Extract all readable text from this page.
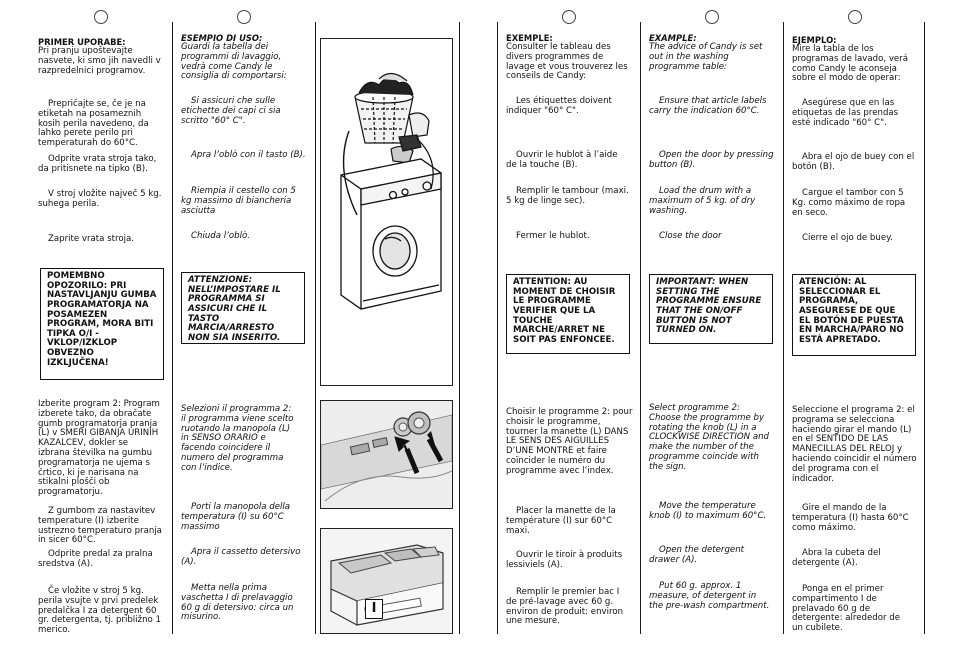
PRIMER UPORABE:
Pri pranju upoštevajte nasvete, ki smo jih navedli v razpredelnici programov.
Prepričajte se, če je na etiketah na posameznih kosih perila navedeno, da lahko perete perilo pri temperaturah do 60°C.
Odprite vrata stroja tako, da pritisnete na tipko (B).
V stroj vložite največ 5 kg. suhega perila.
Zaprite vrata stroja.
POMEMBNO OPOZORILO: PRI NASTAVLJANJU GUMBA PROGRAMATORJA NA POSAMEZEN PROGRAM, MORA BITI TIPKA O/I - VKLOP/IZKLOP OBVEZNO IZKLJUČENA!
Izberite program 2: Program izberete tako, da obračate gumb programatorja pranja (L) v SMERI GIBANJA URINIH KAZALCEV, dokler se izbrana številka na gumbu programatorja ne ujema s črtico, ki je narisana na stikalni plošči ob programatorju.
Z gumbom za nastavitev temperature (I) izberite ustrezno temperaturo pranja in sicer 60°C.
Odprite predal za pralna sredstva (A).
Če vložite v stroj 5 kg. perila vsujte v prvi predelek predalčka I za detergent 60 gr. detergenta, tj. približno 1 merico.
ESEMPIO DI USO:
Guardi la tabella dei programmi di lavaggio, vedrà come Candy le consiglia di comportarsi:
Si assicuri che sulle etichette dei capi ci sia scritto "60° C".
Apra l’oblò con il tasto (B).
Riempia il cestello con 5 kg massimo di biancheria asciutta
Chiuda l’oblò.
ATTENZIONE: NELL’IMPOSTARE IL PROGRAMMA SI ASSICURI CHE IL TASTO MARCIA/ARRESTO NON SIA INSERITO.
Selezioni il programma 2: il programma viene scelto ruotando la manopola (L) in SENSO ORARIO e facendo coincidere il numero del programma con l’indice.
Porti la manopola della temperatura (I) su 60°C massimo
Apra il cassetto detersivo (A).
Metta nella prima vaschetta I di prelavaggio 60 g di detersivo: circa un misurino.
I
EXEMPLE:
Consulter le tableau des divers programmes de lavage et vous trouverez les conseils de Candy:
Les étiquettes doivent indiquer "60° C".
Ouvrir le hublot à l’aide de la touche (B).
Remplir le tambour (maxi. 5 kg de linge sec).
Fermer le hublot.
ATTENTION: AU MOMENT DE CHOISIR LE PROGRAMME VERIFIER QUE LA TOUCHE MARCHE/ARRET NE SOIT PAS ENFONCEE.
Choisir le programme 2: pour choisir le programme, tourner la manette (L) DANS LE SENS DES AIGUILLES D’UNE MONTRE et faire coïncider le numéro du programme avec l’index.
Placer la manette de la température (I) sur 60°C maxi.
Ouvrir le tiroir à produits lessiviels (A).
Remplir le premier bac I de pré-lavage avec 60 g. environ de produit: environ une mesure.
EXAMPLE:
The advice of Candy is set out in the washing programme table:
Ensure that article labels carry the indication 60°C.
Open the door by pressing button (B).
Load the drum with a maximum of 5 kg. of dry washing.
Close the door
IMPORTANT: WHEN SETTING THE PROGRAMME ENSURE THAT THE ON/OFF BUTTON IS NOT TURNED ON.
Select programme 2: Choose the programme by rotating the knob (L) in a CLOCKWISE DIRECTION and make the number of the programme coincide with the sign.
Move the temperature knob (I) to maximum 60°C.
Open the detergent drawer (A).
Put 60 g. approx. 1 measure, of detergent in the pre-wash compartment.
EJEMPLO:
Mire la tabla de los programas de lavado, verá como Candy le aconseja sobre el modo de operar:
Asegúrese que en las etiquetas de las prendas esté indicado "60° C".
Abra el ojo de buey con el botón (B).
Cargue el tambor con 5 Kg. como máximo de ropa en seco.
Cierre el ojo de buey.
ATENCIÓN: AL SELECCIONAR EL PROGRAMA, ASEGURESE DE QUE EL BOTÓN DE PUESTA EN MARCHA/PARO NO ESTÁ APRETADO.
Seleccione el programa 2: el programa se selecciona haciendo girar el mando (L) en el SENTIDO DE LAS MANECILLAS DEL RELOJ y haciendo coincidir el número del programa con el indicador.
Gire el mando de la temperatura (I) hasta 60°C como máximo.
Abra la cubeta del detergente (A).
Ponga en el primer compartimento I de prelavado 60 g de detergente: alrededor de un cubilete.
